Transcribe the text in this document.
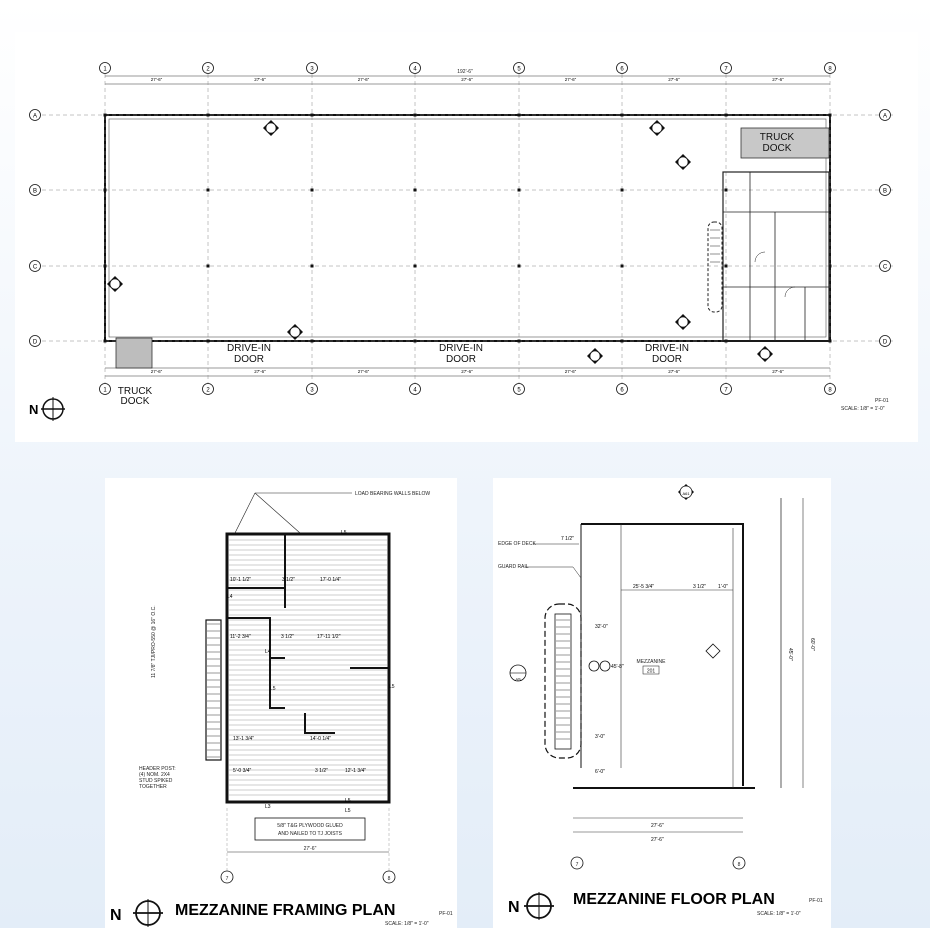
192'-6"
1
1
27'-6"
27'-6"
2
2
27'-6"
27'-6"
3
3
27'-6"
27'-6"
4
4
27'-6"
27'-6"
5
5
27'-6"
27'-6"
6
6
27'-6"
27'-6"
7
7
27'-6"
27'-6"
8
8
A	A
B	B
C	C
D	D
TRUCK
DOCK
TRUCK
DOCK
DRIVE-IN
DOOR
DRIVE-IN
DOOR
DRIVE-IN
DOOR
N
PF-01
SCALE: 1/8" = 1'-0"
LOAD BEARING WALLS BELOW
10'-1 1/2"	3 1/2"	17'-0 1/4"
11'-2 3/4"	3 1/2"	17'-11 1/2"
13'-1 3/4"	14'-0 1/4"
5'-0 3/4"	3 1/2"	12'-1 3/4"
L5
L4
L4
L5	L5
L3
L5
L5
11 7/8" TJI/PRO-550 @ 16" O.C.
HEADER POST:
(4) NOM. 2X4
STUD SPIKED
TOGETHER
5/8" T&G PLYWOOD GLUED
AND NAILED TO TJ JOISTS
27'-6"
7	8
N	MEZZANINE FRAMING PLAN	PF-01
SCALE: 1/8" = 1'-0"
7 1/2"
25'-5 3/4"	3 1/2" 1'-0"
32'-0"
45'-8"
3'-0"
6'-0"
27'-6"
27'-6"
60'-0"
45'-0"
EDGE OF DECK
GUARD RAIL
MEZZANINE
201
A61
A5
7	8
N	MEZZANINE FLOOR PLAN	PF-01
SCALE: 1/8" = 1'-0"
